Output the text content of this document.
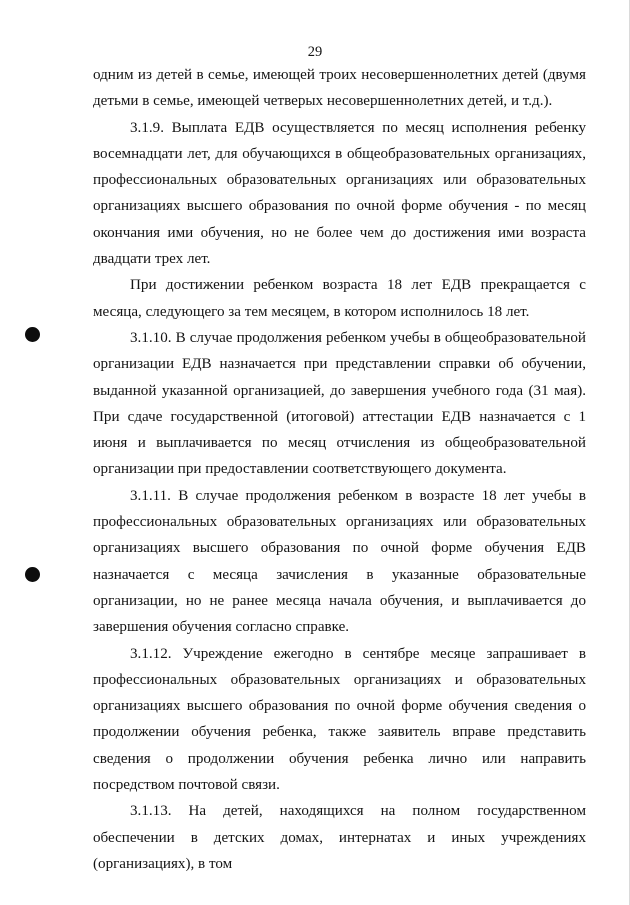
29

одним из детей в семье, имеющей троих несовершеннолетних детей (двумя детьми в семье, имеющей четверых несовершеннолетних детей, и т.д.).

3.1.9. Выплата ЕДВ осуществляется по месяц исполнения ребенку восемнадцати лет, для обучающихся в общеобразовательных организациях, профессиональных образовательных организациях или образовательных организациях высшего образования по очной форме обучения - по месяц окончания ими обучения, но не более чем до достижения ими возраста двадцати трех лет.

При достижении ребенком возраста 18 лет ЕДВ прекращается с месяца, следующего за тем месяцем, в котором исполнилось 18 лет.

3.1.10. В случае продолжения ребенком учебы в общеобразовательной организации ЕДВ назначается при представлении справки об обучении, выданной указанной организацией, до завершения учебного года (31 мая). При сдаче государственной (итоговой) аттестации ЕДВ назначается с 1 июня и выплачивается по месяц отчисления из общеобразовательной организации при предоставлении соответствующего документа.

3.1.11. В случае продолжения ребенком в возрасте 18 лет учебы в профессиональных образовательных организациях или образовательных организациях высшего образования по очной форме обучения ЕДВ назначается с месяца зачисления в указанные образовательные организации, но не ранее месяца начала обучения, и выплачивается до завершения обучения согласно справке.

3.1.12. Учреждение ежегодно в сентябре месяце запрашивает в профессиональных образовательных организациях и образовательных организациях высшего образования по очной форме обучения сведения о продолжении обучения ребенка, также заявитель вправе представить сведения о продолжении обучения ребенка лично или направить посредством почтовой связи.

3.1.13. На детей, находящихся на полном государственном обеспечении в детских домах, интернатах и иных учреждениях (организациях), в том
